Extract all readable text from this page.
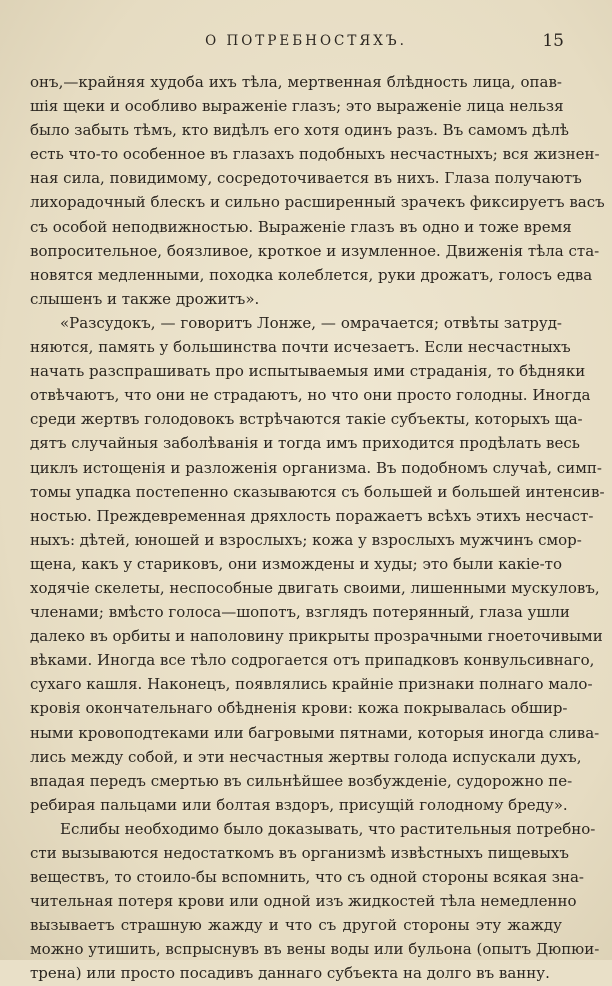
О ПОТРЕБНОСТЯХЪ.	15
онъ,—крайняя худоба ихъ тѣла, мертвенная блѣдность лица, опав-
шія щеки и особливо выраженіе глазъ; это выраженіе лица нельзя
было забыть тѣмъ, кто видѣлъ его хотя одинъ разъ. Въ самомъ дѣлѣ
есть что-то особенное въ глазахъ подобныхъ несчастныхъ; вся жизнен-
ная сила, повидимому, сосредоточивается въ нихъ. Глаза получаютъ
лихорадочный блескъ и сильно расширенный зрачекъ фиксируетъ васъ
съ особой неподвижностью. Выраженіе глазъ въ одно и тоже время
вопросительное, боязливое, кроткое и изумленное. Движенія тѣла ста-
новятся медленными, походка колеблется, руки дрожатъ, голосъ едва
слышенъ и также дрожитъ».
«Разсудокъ, — говоритъ Лонже, — омрачается; отвѣты затруд-
няются, память у большинства почти исчезаетъ. Если несчастныхъ
начать разспрашивать про испытываемыя ими страданія, то бѣдняки
отвѣчаютъ, что они не страдаютъ, но что они просто голодны. Иногда
среди жертвъ голодовокъ встрѣчаются такіе субъекты, которыхъ ща-
дятъ случайныя заболѣванія и тогда имъ приходится продѣлать весь
циклъ истощенія и разложенія организма. Въ подобномъ случаѣ, симп-
томы упадка постепенно сказываются съ большей и большей интенсив-
ностью. Преждевременная дряхлость поражаетъ всѣхъ этихъ несчаст-
ныхъ: дѣтей, юношей и взрослыхъ; кожа у взрослыхъ мужчинъ смор-
щена, какъ у стариковъ, они измождены и худы; это были какіе-то
ходячіе скелеты, неспособные двигать своими, лишенными мускуловъ,
членами; вмѣсто голоса—шопотъ, взглядъ потерянный, глаза ушли
далеко въ орбиты и наполовину прикрыты прозрачными гноеточивыми
вѣками. Иногда все тѣло содрогается отъ припадковъ конвульсивнаго,
сухаго кашля. Наконецъ, появлялись крайніе признаки полнаго мало-
кровія окончательнаго обѣдненія крови: кожа покрывалась обшир-
ными кровоподтеками или багровыми пятнами, которыя иногда слива-
лись между собой, и эти несчастныя жертвы голода испускали духъ,
впадая передъ смертью въ сильнѣйшее возбужденіе, судорожно пе-
ребирая пальцами или болтая вздоръ, присущій голодному бреду».
Еслибы необходимо было доказывать, что растительныя потребно-
сти вызываются недостаткомъ въ организмѣ извѣстныхъ пищевыхъ
веществъ, то стоило-бы вспомнить, что съ одной стороны всякая зна-
чительная потеря крови или одной изъ жидкостей тѣла немедленно
вызываетъ страшную жажду и что съ другой стороны эту жажду
можно утишить, вспрыснувъ въ вены воды или бульона (опытъ Дюпюи-
трена) или просто посадивъ даннаго субъекта на долго въ ванну.
